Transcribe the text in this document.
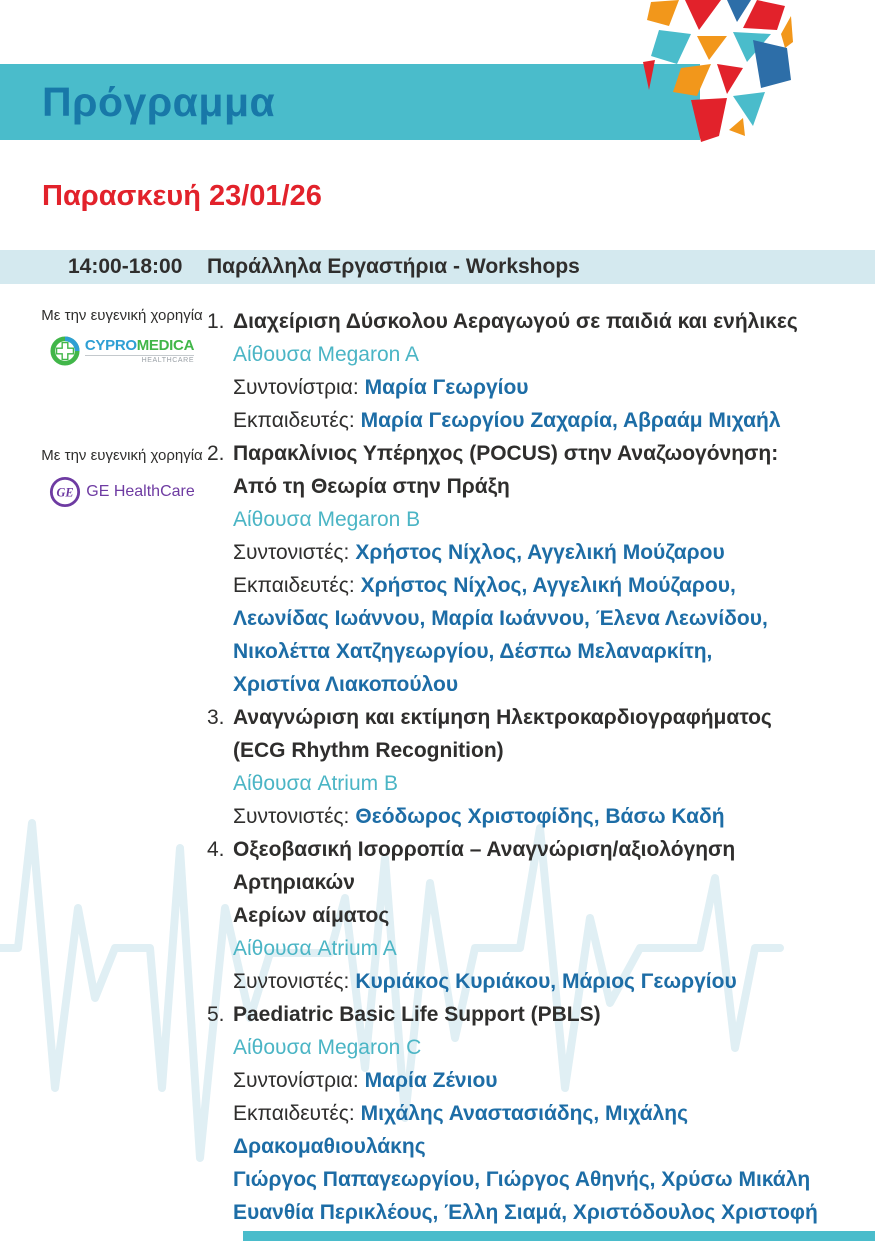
Πρόγραμμα
Παρασκευή 23/01/26
14:00-18:00	Παράλληλα Εργαστήρια - Workshops
Με την ευγενική χορηγία
CYPROMEDICA
HEALTHCARE
Με την ευγενική χορηγία
GE GE HealthCare
1. Διαχείριση Δύσκολου Αεραγωγού σε παιδιά και ενήλικες
Αίθουσα Megaron A
Συντονίστρια: Μαρία Γεωργίου
Εκπαιδευτές: Μαρία Γεωργίου Ζαχαρία, Αβραάμ Μιχαήλ
2. Παρακλίνιος Υπέρηχος (POCUS) στην Αναζωογόνηση:
Από τη Θεωρία στην Πράξη
Αίθουσα Megaron B
Συντονιστές: Χρήστος Νίχλος, Αγγελική Μούζαρου
Εκπαιδευτές: Χρήστος Νίχλος, Αγγελική Μούζαρου,
Λεωνίδας Ιωάννου, Μαρία Ιωάννου, Έλενα Λεωνίδου,
Νικολέττα Χατζηγεωργίου, Δέσπω Μελαναρκίτη,
Χριστίνα Λιακοπούλου
3. Αναγνώριση και εκτίμηση Ηλεκτροκαρδιογραφήματος
(ECG Rhythm Recognition)
Αίθουσα Atrium B
Συντονιστές: Θεόδωρος Χριστοφίδης, Βάσω Καδή
4. Οξεοβασική Ισορροπία – Αναγνώριση/αξιολόγηση Αρτηριακών
Αερίων αίματος
Αίθουσα Atrium A
Συντονιστές: Κυριάκος Κυριάκου, Μάριος Γεωργίου
5. Paediatric Basic Life Support (PBLS)
Αίθουσα Megaron C
Συντονίστρια: Μαρία Ζένιου
Εκπαιδευτές: Μιχάλης Αναστασιάδης, Μιχάλης Δρακομαθιουλάκης
Γιώργος Παπαγεωργίου, Γιώργος Αθηνής, Χρύσω Μικάλη
Ευανθία Περικλέους, Έλλη Σιαμά, Χριστόδουλος Χριστοφή
